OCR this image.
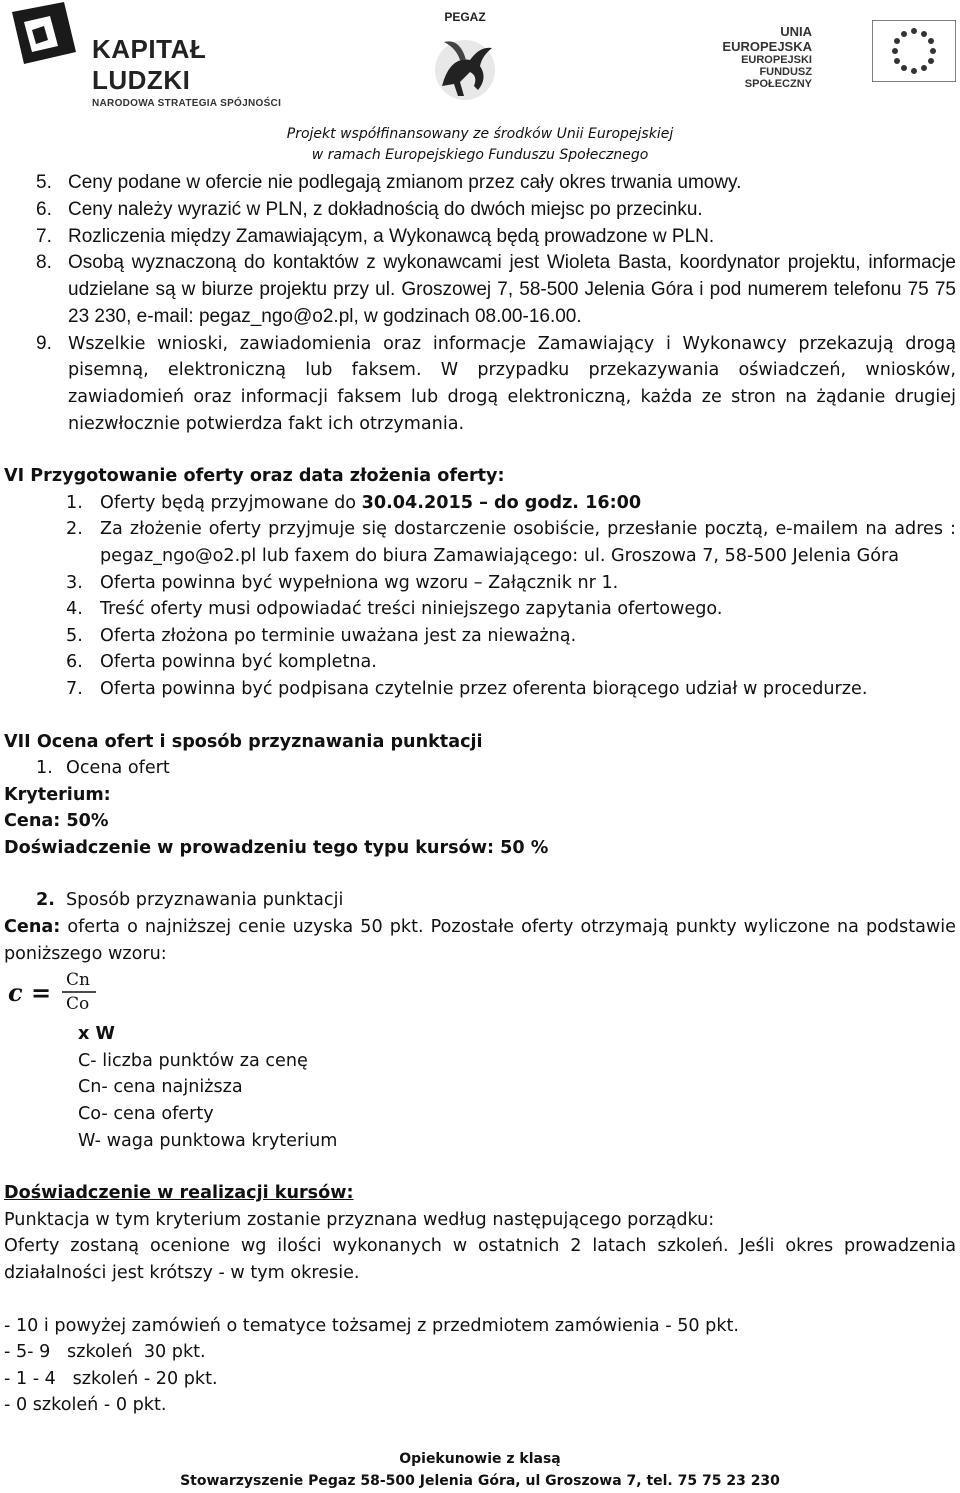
KAPITAŁ LUDZKI
NARODOWA STRATEGIA SPÓJNOŚCI
PEGAZ
UNIA EUROPEJSKA
EUROPEJSKI
FUNDUSZ SPOŁECZNY
Projekt współfinansowany ze środków Unii Europejskiej
w ramach Europejskiego Funduszu Społecznego
5. Ceny podane w ofercie nie podlegają zmianom przez cały okres trwania umowy.
6. Ceny należy wyrazić w PLN, z dokładnością do dwóch miejsc po przecinku.
7. Rozliczenia między Zamawiającym, a Wykonawcą będą prowadzone w PLN.
8. Osobą wyznaczoną do kontaktów z wykonawcami jest Wioleta Basta, koordynator projektu, informacje udzielane są w biurze projektu przy ul. Groszowej 7, 58-500 Jelenia Góra i pod numerem telefonu 75 75 23 230, e-mail: pegaz_ngo@o2.pl, w godzinach 08.00-16.00.
9. Wszelkie wnioski, zawiadomienia oraz informacje Zamawiający i Wykonawcy przekazują drogą pisemną, elektroniczną lub faksem. W przypadku przekazywania oświadczeń, wniosków, zawiadomień oraz informacji faksem lub drogą elektroniczną, każda ze stron na żądanie drugiej niezwłocznie potwierdza fakt ich otrzymania.
VI Przygotowanie oferty oraz data złożenia oferty:
1. Oferty będą przyjmowane do 30.04.2015 – do godz. 16:00
2. Za złożenie oferty przyjmuje się dostarczenie osobiście, przesłanie pocztą, e-mailem na adres : pegaz_ngo@o2.pl lub faxem do biura Zamawiającego: ul. Groszowa 7, 58-500 Jelenia Góra
3. Oferta powinna być wypełniona wg wzoru – Załącznik nr 1.
4. Treść oferty musi odpowiadać treści niniejszego zapytania ofertowego.
5. Oferta złożona po terminie uważana jest za nieważną.
6. Oferta powinna być kompletna.
7. Oferta powinna być podpisana czytelnie przez oferenta biorącego udział w procedurze.
VII Ocena ofert i sposób przyznawania punktacji
1. Ocena ofert
Kryterium:
Cena: 50%
Doświadczenie w prowadzeniu tego typu kursów: 50 %
2. Sposób przyznawania punktacji
Cena: oferta o najniższej cenie uzyska 50 pkt. Pozostałe oferty otrzymają punkty wyliczone na podstawie poniższego wzoru:
c = Cn
Co
x W
C- liczba punktów za cenę
Cn- cena najniższa
Co- cena oferty
W- waga punktowa kryterium
Doświadczenie w realizacji kursów:
Punktacja w tym kryterium zostanie przyznana według następującego porządku:
Oferty zostaną ocenione wg ilości wykonanych w ostatnich 2 latach szkoleń. Jeśli okres prowadzenia działalności jest krótszy - w tym okresie.
- 10 i powyżej zamówień o tematyce tożsamej z przedmiotem zamówienia - 50 pkt.
- 5- 9   szkoleń  30 pkt.
- 1 - 4   szkoleń - 20 pkt.
- 0 szkoleń - 0 pkt.
Opiekunowie z klasą
Stowarzyszenie Pegaz 58-500 Jelenia Góra, ul Groszowa 7, tel. 75 75 23 230
